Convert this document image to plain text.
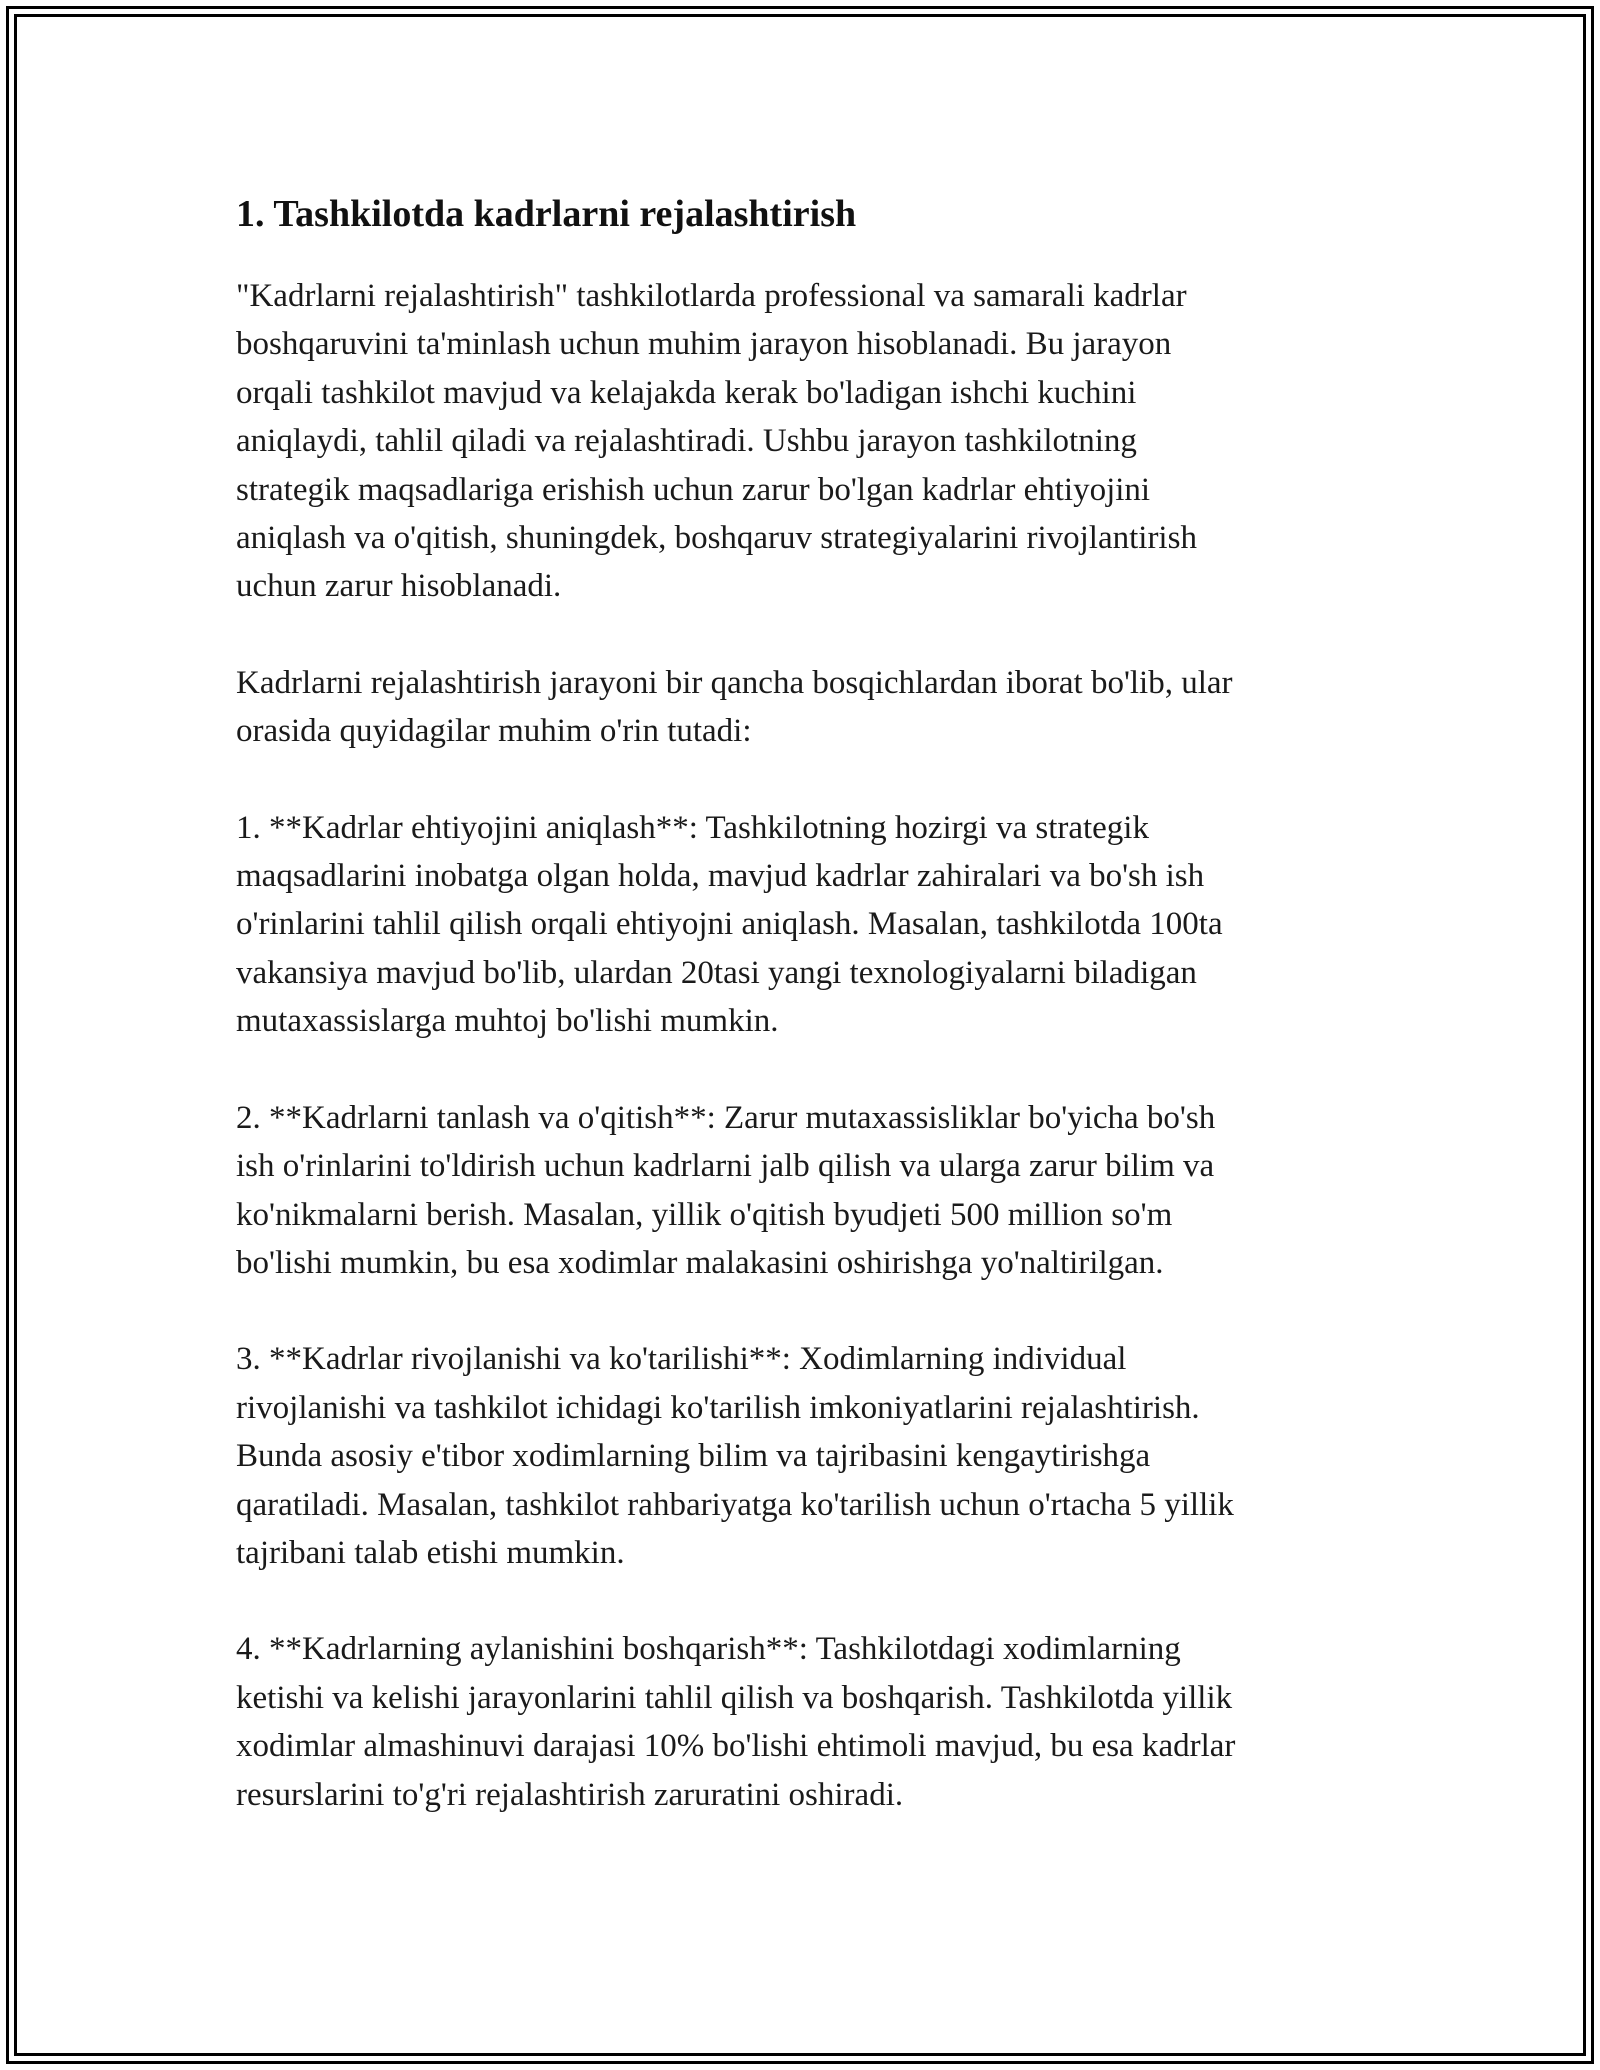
1. Tashkilotda kadrlarni rejalashtirish

"Kadrlarni rejalashtirish" tashkilotlarda professional va samarali kadrlar
boshqaruvini ta'minlash uchun muhim jarayon hisoblanadi. Bu jarayon
orqali tashkilot mavjud va kelajakda kerak bo'ladigan ishchi kuchini
aniqlaydi, tahlil qiladi va rejalashtiradi. Ushbu jarayon tashkilotning
strategik maqsadlariga erishish uchun zarur bo'lgan kadrlar ehtiyojini
aniqlash va o'qitish, shuningdek, boshqaruv strategiyalarini rivojlantirish
uchun zarur hisoblanadi.

Kadrlarni rejalashtirish jarayoni bir qancha bosqichlardan iborat bo'lib, ular
orasida quyidagilar muhim o'rin tutadi:

1. **Kadrlar ehtiyojini aniqlash**: Tashkilotning hozirgi va strategik
maqsadlarini inobatga olgan holda, mavjud kadrlar zahiralari va bo'sh ish
o'rinlarini tahlil qilish orqali ehtiyojni aniqlash. Masalan, tashkilotda 100ta
vakansiya mavjud bo'lib, ulardan 20tasi yangi texnologiyalarni biladigan
mutaxassislarga muhtoj bo'lishi mumkin.

2. **Kadrlarni tanlash va o'qitish**: Zarur mutaxassisliklar bo'yicha bo'sh
ish o'rinlarini to'ldirish uchun kadrlarni jalb qilish va ularga zarur bilim va
ko'nikmalarni berish. Masalan, yillik o'qitish byudjeti 500 million so'm
bo'lishi mumkin, bu esa xodimlar malakasini oshirishga yo'naltirilgan.

3. **Kadrlar rivojlanishi va ko'tarilishi**: Xodimlarning individual
rivojlanishi va tashkilot ichidagi ko'tarilish imkoniyatlarini rejalashtirish.
Bunda asosiy e'tibor xodimlarning bilim va tajribasini kengaytirishga
qaratiladi. Masalan, tashkilot rahbariyatga ko'tarilish uchun o'rtacha 5 yillik
tajribani talab etishi mumkin.

4. **Kadrlarning aylanishini boshqarish**: Tashkilotdagi xodimlarning
ketishi va kelishi jarayonlarini tahlil qilish va boshqarish. Tashkilotda yillik
xodimlar almashinuvi darajasi 10% bo'lishi ehtimoli mavjud, bu esa kadrlar
resurslarini to'g'ri rejalashtirish zaruratini oshiradi.
